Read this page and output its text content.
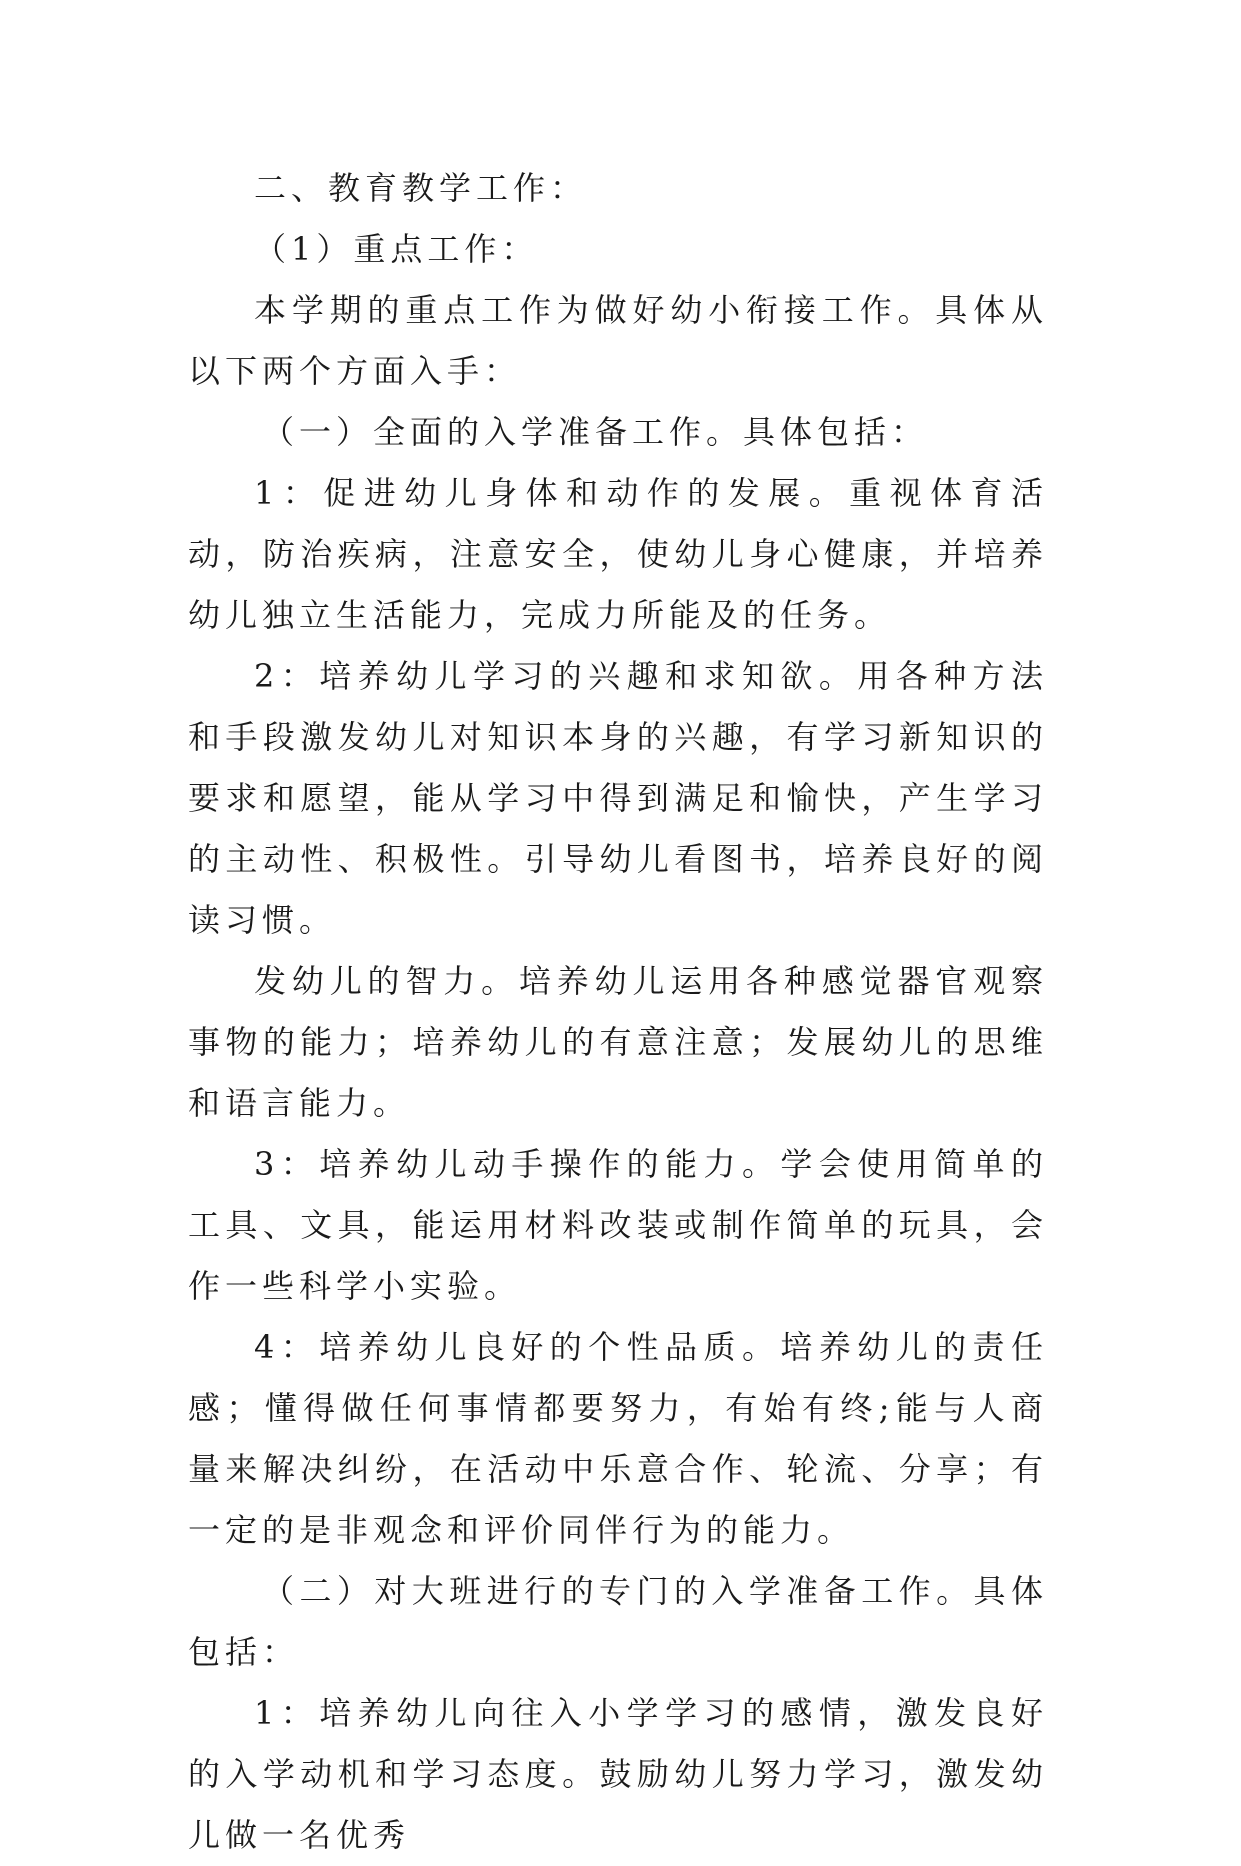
二、教育教学工作：

（1）重点工作：

本学期的重点工作为做好幼小衔接工作。具体从以下两个方面入手：

（一）全面的入学准备工作。具体包括：

1：促进幼儿身体和动作的发展。重视体育活动，防治疾病，注意安全，使幼儿身心健康，并培养幼儿独立生活能力，完成力所能及的任务。

2：培养幼儿学习的兴趣和求知欲。用各种方法和手段激发幼儿对知识本身的兴趣，有学习新知识的要求和愿望，能从学习中得到满足和愉快，产生学习的主动性、积极性。引导幼儿看图书，培养良好的阅读习惯。

发幼儿的智力。培养幼儿运用各种感觉器官观察事物的能力；培养幼儿的有意注意；发展幼儿的思维和语言能力。

3：培养幼儿动手操作的能力。学会使用简单的工具、文具，能运用材料改装或制作简单的玩具，会作一些科学小实验。

4：培养幼儿良好的个性品质。培养幼儿的责任感；懂得做任何事情都要努力，有始有终;能与人商量来解决纠纷，在活动中乐意合作、轮流、分享；有一定的是非观念和评价同伴行为的能力。

（二）对大班进行的专门的入学准备工作。具体包括：

1：培养幼儿向往入小学学习的感情，激发良好的入学动机和学习态度。鼓励幼儿努力学习，激发幼儿做一名优秀
